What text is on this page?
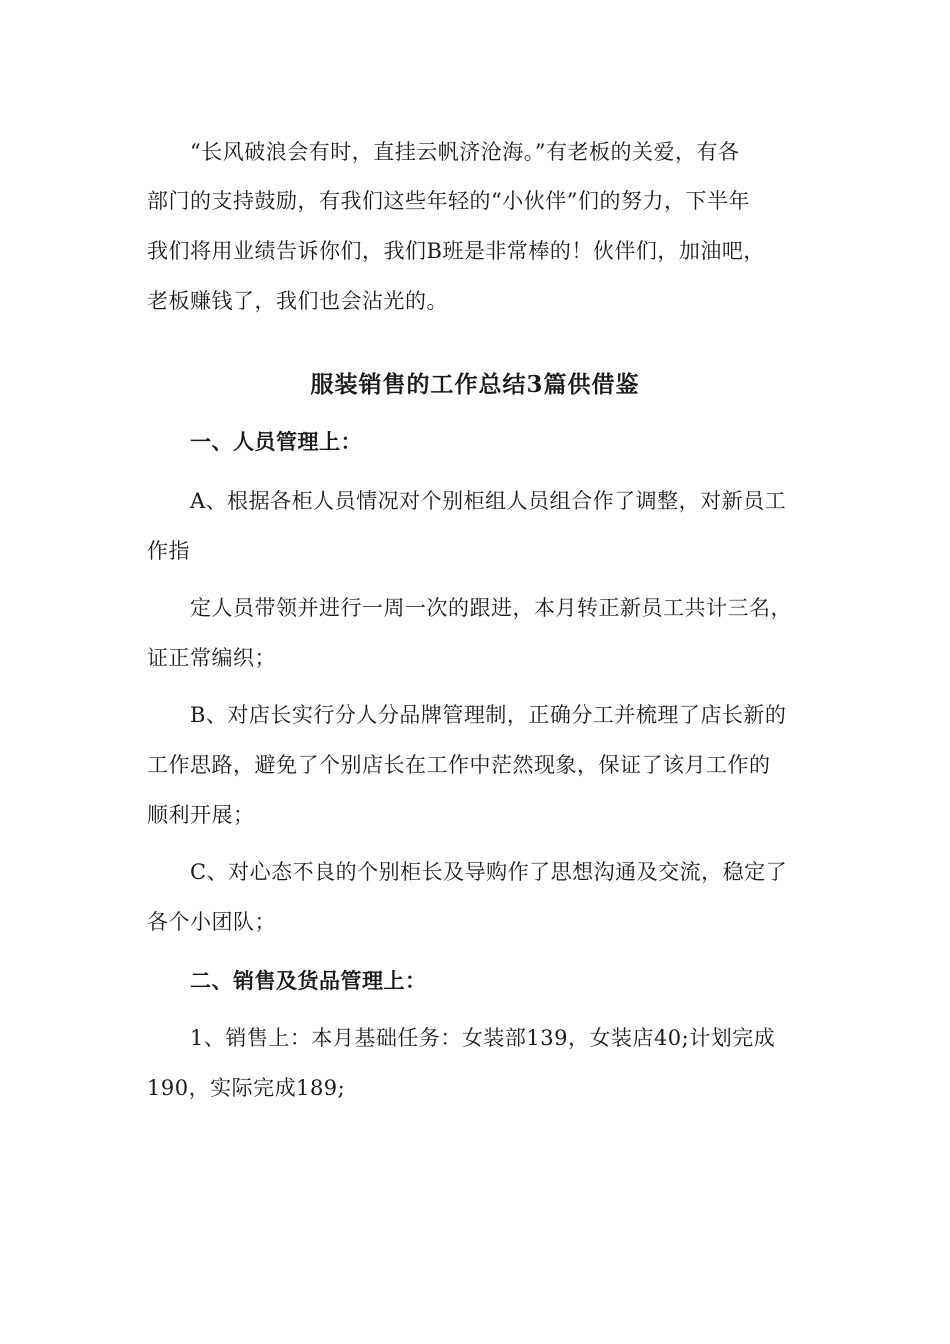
“长风破浪会有时，直挂云帆济沧海。”有老板的关爱，有各
部门的支持鼓励，有我们这些年轻的“小伙伴”们的努力，下半年
我们将用业绩告诉你们，我们B班是非常棒的！伙伴们，加油吧，
老板赚钱了，我们也会沾光的。
服装销售的工作总结3篇供借鉴
一、人员管理上：
A、根据各柜人员情况对个别柜组人员组合作了调整，对新员工
作指
定人员带领并进行一周一次的跟进，本月转正新员工共计三名，
证正常编织；
B、对店长实行分人分品牌管理制，正确分工并梳理了店长新的
工作思路，避免了个别店长在工作中茫然现象，保证了该月工作的
顺利开展；
C、对心态不良的个别柜长及导购作了思想沟通及交流，稳定了
各个小团队；
二、销售及货品管理上：
1、销售上：本月基础任务：女装部139，女装店40;计划完成
190，实际完成189;
